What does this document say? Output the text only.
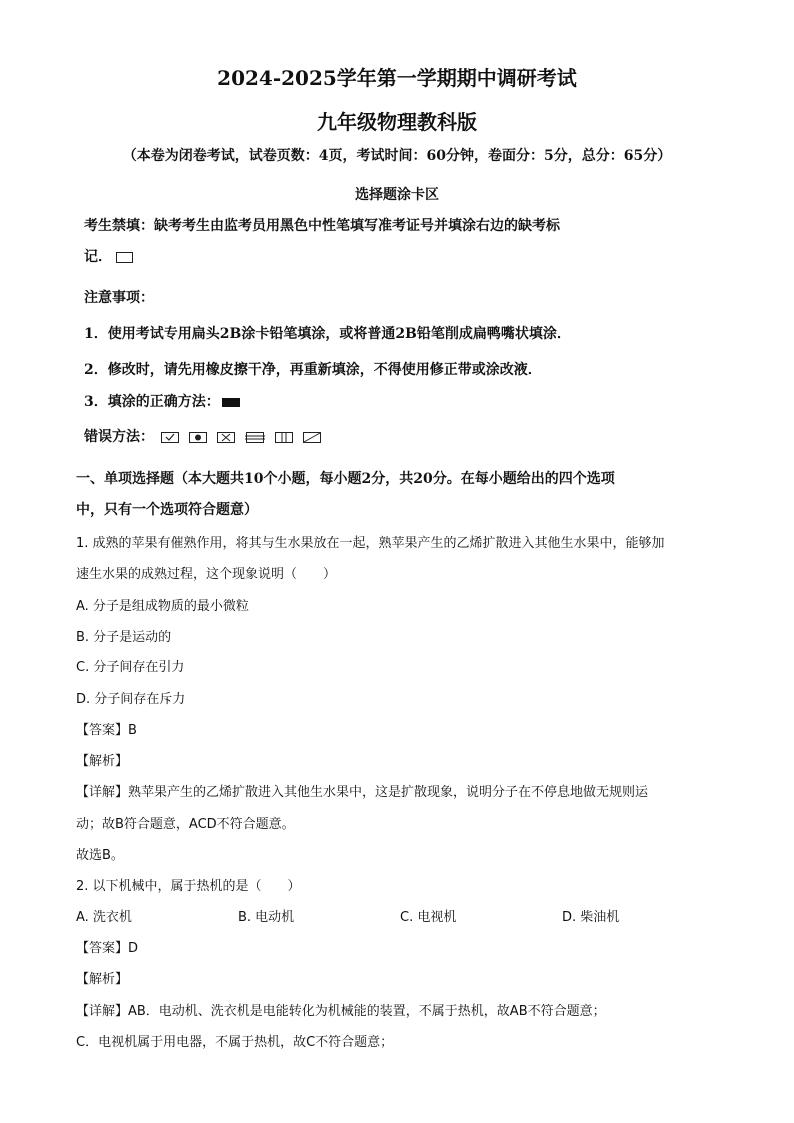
2024-2025学年第一学期期中调研考试
九年级物理教科版
（本卷为闭卷考试，试卷页数：4页，考试时间：60分钟，卷面分：5分，总分：65分）
选择题涂卡区
考生禁填：缺考考生由监考员用黑色中性笔填写准考证号并填涂右边的缺考标
记．
注意事项：
1．使用考试专用扁头2B涂卡铅笔填涂，或将普通2B铅笔削成扁鸭嘴状填涂．
2．修改时，请先用橡皮擦干净，再重新填涂，不得使用修正带或涂改液．
3．填涂的正确方法：
错误方法：
一、单项选择题（本大题共10个小题，每小题2分，共20分。在每小题给出的四个选项
中，只有一个选项符合题意）
1. 成熟的苹果有催熟作用，将其与生水果放在一起，熟苹果产生的乙烯扩散进入其他生水果中，能够加
速生水果的成熟过程，这个现象说明（　　）
A. 分子是组成物质的最小微粒
B. 分子是运动的
C. 分子间存在引力
D. 分子间存在斥力
【答案】B
【解析】
【详解】熟苹果产生的乙烯扩散进入其他生水果中，这是扩散现象，说明分子在不停息地做无规则运
动；故B符合题意，ACD不符合题意。
故选B。
2. 以下机械中，属于热机的是（　　）
A. 洗衣机	B. 电动机	C. 电视机	D. 柴油机
【答案】D
【解析】
【详解】AB．电动机、洗衣机是电能转化为机械能的装置，不属于热机，故AB不符合题意；
C．电视机属于用电器，不属于热机，故C不符合题意；
